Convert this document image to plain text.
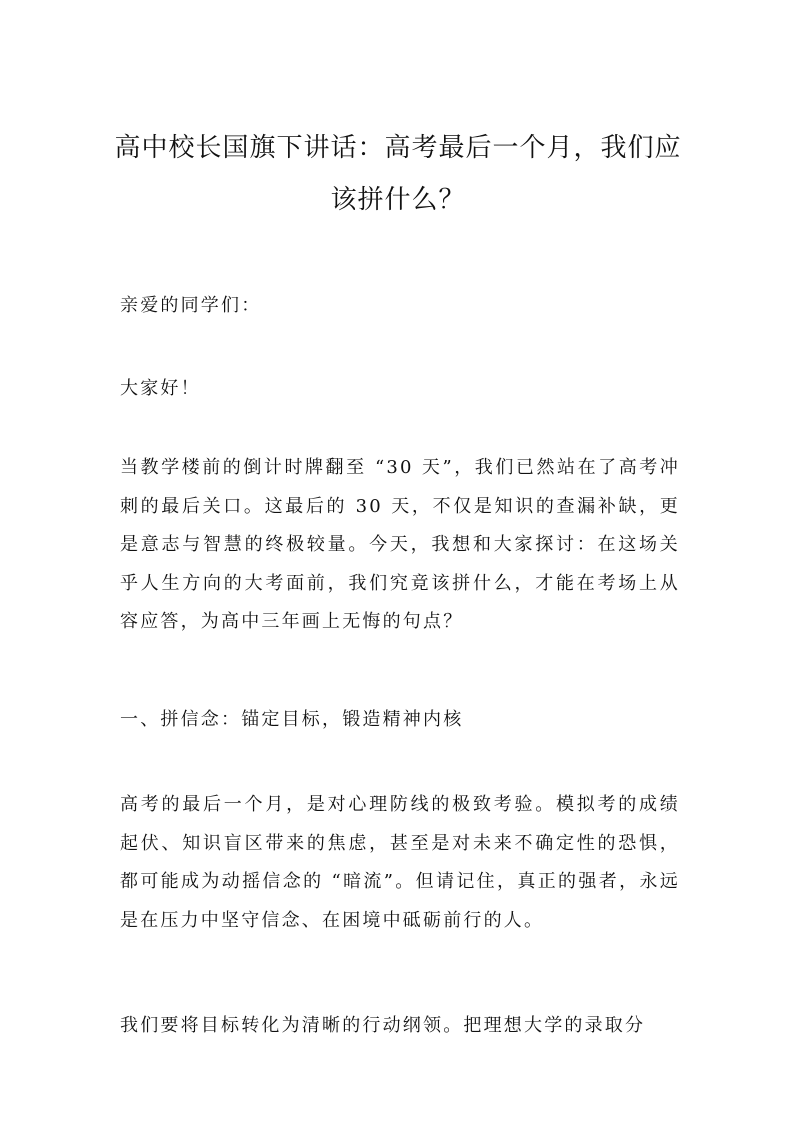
高中校长国旗下讲话：高考最后一个月，我们应该拼什么？

亲爱的同学们：

大家好！

当教学楼前的倒计时牌翻至 “30 天”，我们已然站在了高考冲刺的最后关口。这最后的 30 天，不仅是知识的查漏补缺，更是意志与智慧的终极较量。今天，我想和大家探讨：在这场关乎人生方向的大考面前，我们究竟该拼什么，才能在考场上从容应答，为高中三年画上无悔的句点？

一、拼信念：锚定目标，锻造精神内核

高考的最后一个月，是对心理防线的极致考验。模拟考的成绩起伏、知识盲区带来的焦虑，甚至是对未来不确定性的恐惧，都可能成为动摇信念的 “暗流”。但请记住，真正的强者，永远是在压力中坚守信念、在困境中砥砺前行的人。

我们要将目标转化为清晰的行动纲领。把理想大学的录取分
